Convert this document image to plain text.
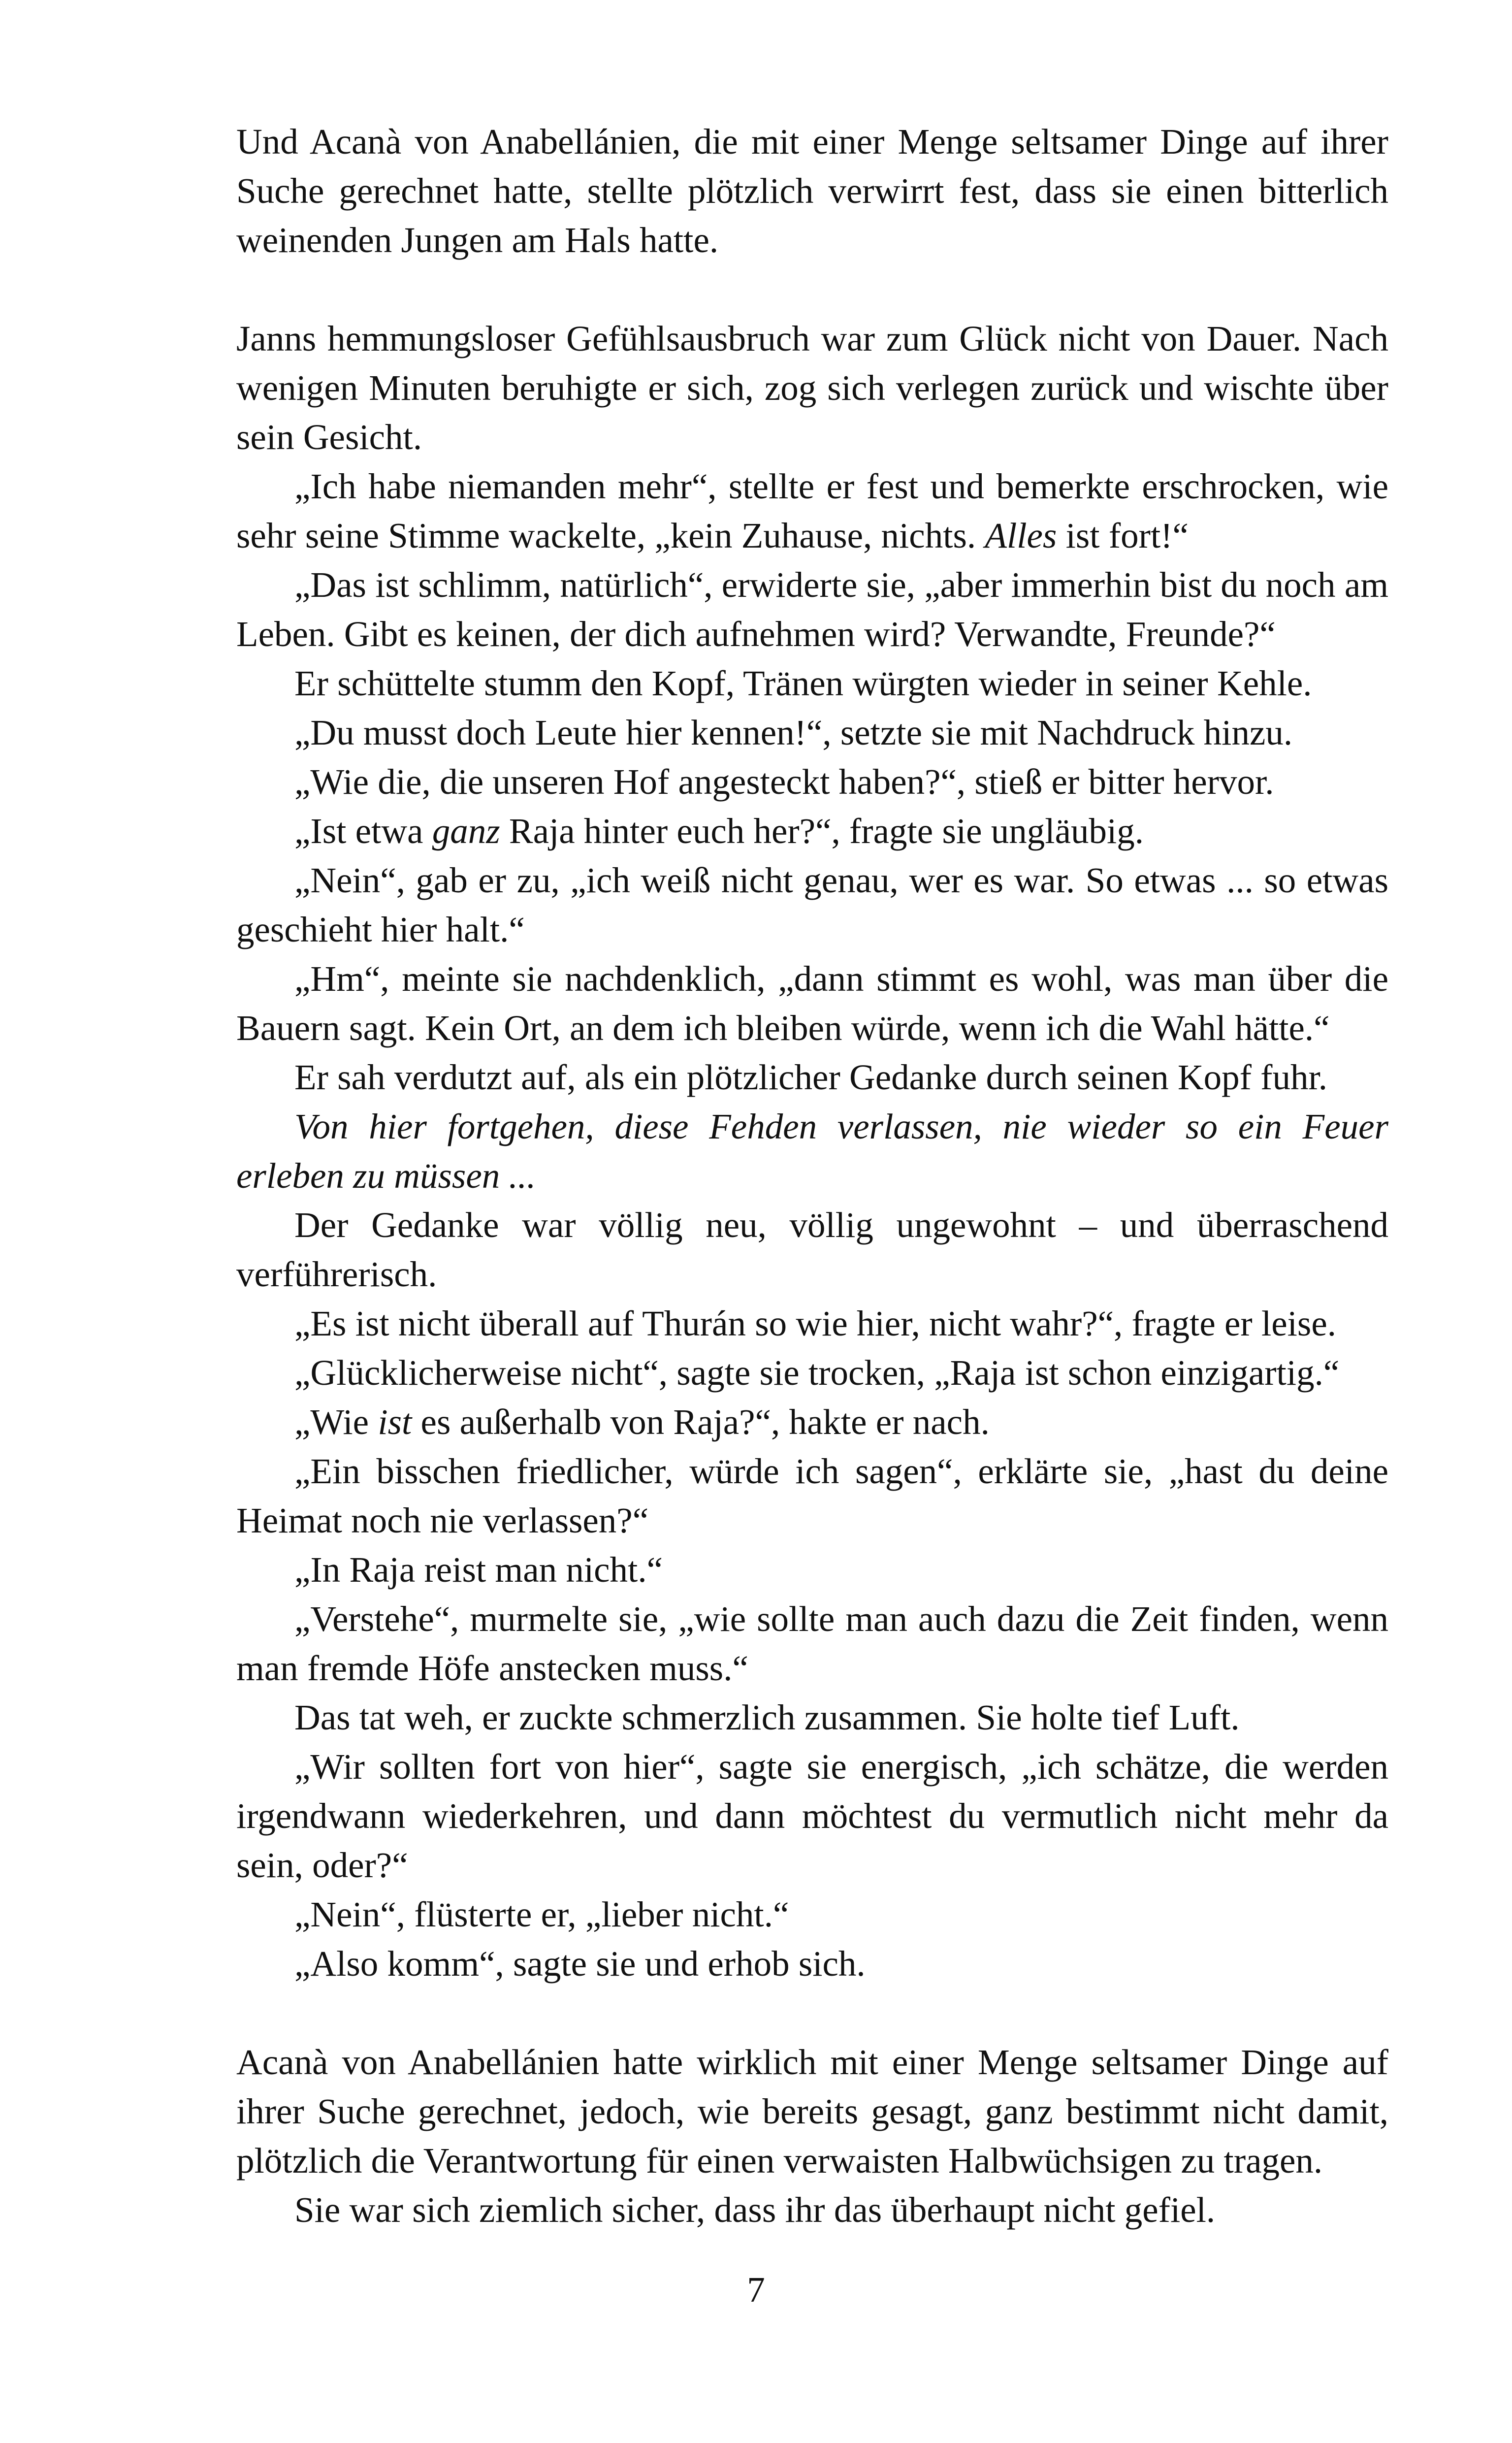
Und Acanà von Anabellánien, die mit einer Menge seltsamer Dinge auf ihrer Suche gerechnet hatte, stellte plötzlich verwirrt fest, dass sie einen bitterlich weinenden Jungen am Hals hatte.

Janns hemmungsloser Gefühlsausbruch war zum Glück nicht von Dauer. Nach wenigen Minuten beruhigte er sich, zog sich verlegen zurück und wischte über sein Gesicht.

„Ich habe niemanden mehr“, stellte er fest und bemerkte erschrocken, wie sehr seine Stimme wackelte, „kein Zuhause, nichts. Alles ist fort!“

„Das ist schlimm, natürlich“, erwiderte sie, „aber immerhin bist du noch am Leben. Gibt es keinen, der dich aufnehmen wird? Verwandte, Freunde?“

Er schüttelte stumm den Kopf, Tränen würgten wieder in seiner Kehle.

„Du musst doch Leute hier kennen!“, setzte sie mit Nachdruck hinzu.

„Wie die, die unseren Hof angesteckt haben?“, stieß er bitter hervor.

„Ist etwa ganz Raja hinter euch her?“, fragte sie ungläubig.

„Nein“, gab er zu, „ich weiß nicht genau, wer es war. So etwas ... so etwas geschieht hier halt.“

„Hm“, meinte sie nachdenklich, „dann stimmt es wohl, was man über die Bauern sagt. Kein Ort, an dem ich bleiben würde, wenn ich die Wahl hätte.“

Er sah verdutzt auf, als ein plötzlicher Gedanke durch seinen Kopf fuhr.

Von hier fortgehen, diese Fehden verlassen, nie wieder so ein Feuer erleben zu müssen ...

Der Gedanke war völlig neu, völlig ungewohnt – und überraschend verführerisch.

„Es ist nicht überall auf Thurán so wie hier, nicht wahr?“, fragte er leise.

„Glücklicherweise nicht“, sagte sie trocken, „Raja ist schon einzigartig.“

„Wie ist es außerhalb von Raja?“, hakte er nach.

„Ein bisschen friedlicher, würde ich sagen“, erklärte sie, „hast du deine Heimat noch nie verlassen?“

„In Raja reist man nicht.“

„Verstehe“, murmelte sie, „wie sollte man auch dazu die Zeit finden, wenn man fremde Höfe anstecken muss.“

Das tat weh, er zuckte schmerzlich zusammen. Sie holte tief Luft.

„Wir sollten fort von hier“, sagte sie energisch, „ich schätze, die werden irgendwann wiederkehren, und dann möchtest du vermutlich nicht mehr da sein, oder?“

„Nein“, flüsterte er, „lieber nicht.“

„Also komm“, sagte sie und erhob sich.

Acanà von Anabellánien hatte wirklich mit einer Menge seltsamer Dinge auf ihrer Suche gerechnet, jedoch, wie bereits gesagt, ganz bestimmt nicht damit, plötzlich die Verantwortung für einen verwaisten Halbwüchsigen zu tragen.

Sie war sich ziemlich sicher, dass ihr das überhaupt nicht gefiel.

7
